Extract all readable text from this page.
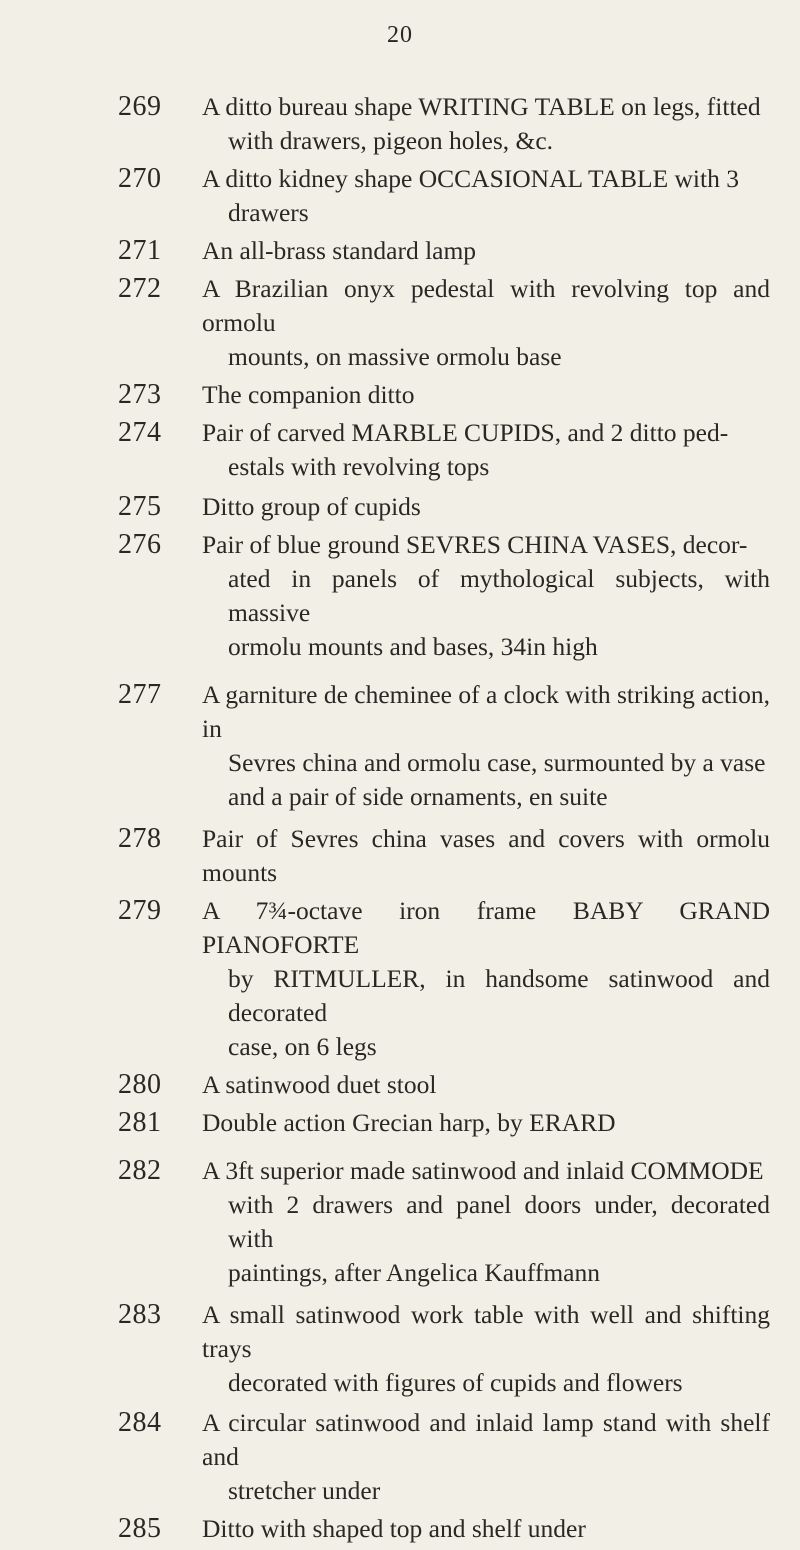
20
269 A ditto bureau shape WRITING TABLE on legs, fitted
with drawers, pigeon holes, &c.
270 A ditto kidney shape OCCASIONAL TABLE with 3
drawers
271 An all-brass standard lamp
272 A Brazilian onyx pedestal with revolving top and ormolu
mounts, on massive ormolu base
273 The companion ditto
274 Pair of carved MARBLE CUPIDS, and 2 ditto ped-
estals with revolving tops
275 Ditto group of cupids
276 Pair of blue ground SEVRES CHINA VASES, decor-
ated in panels of mythological subjects, with massive
ormolu mounts and bases, 34in high
277 A garniture de cheminee of a clock with striking action, in
Sevres china and ormolu case, surmounted by a vase
and a pair of side ornaments, en suite
278 Pair of Sevres china vases and covers with ormolu mounts
279 A 7¾-octave iron frame BABY GRAND PIANOFORTE
by RITMULLER, in handsome satinwood and decorated
case, on 6 legs
280 A satinwood duet stool
281 Double action Grecian harp, by ERARD
282 A 3ft superior made satinwood and inlaid COMMODE
with 2 drawers and panel doors under, decorated with
paintings, after Angelica Kauffmann
283 A small satinwood work table with well and shifting trays
decorated with figures of cupids and flowers
284 A circular satinwood and inlaid lamp stand with shelf and
stretcher under
285 Ditto with shaped top and shelf under
